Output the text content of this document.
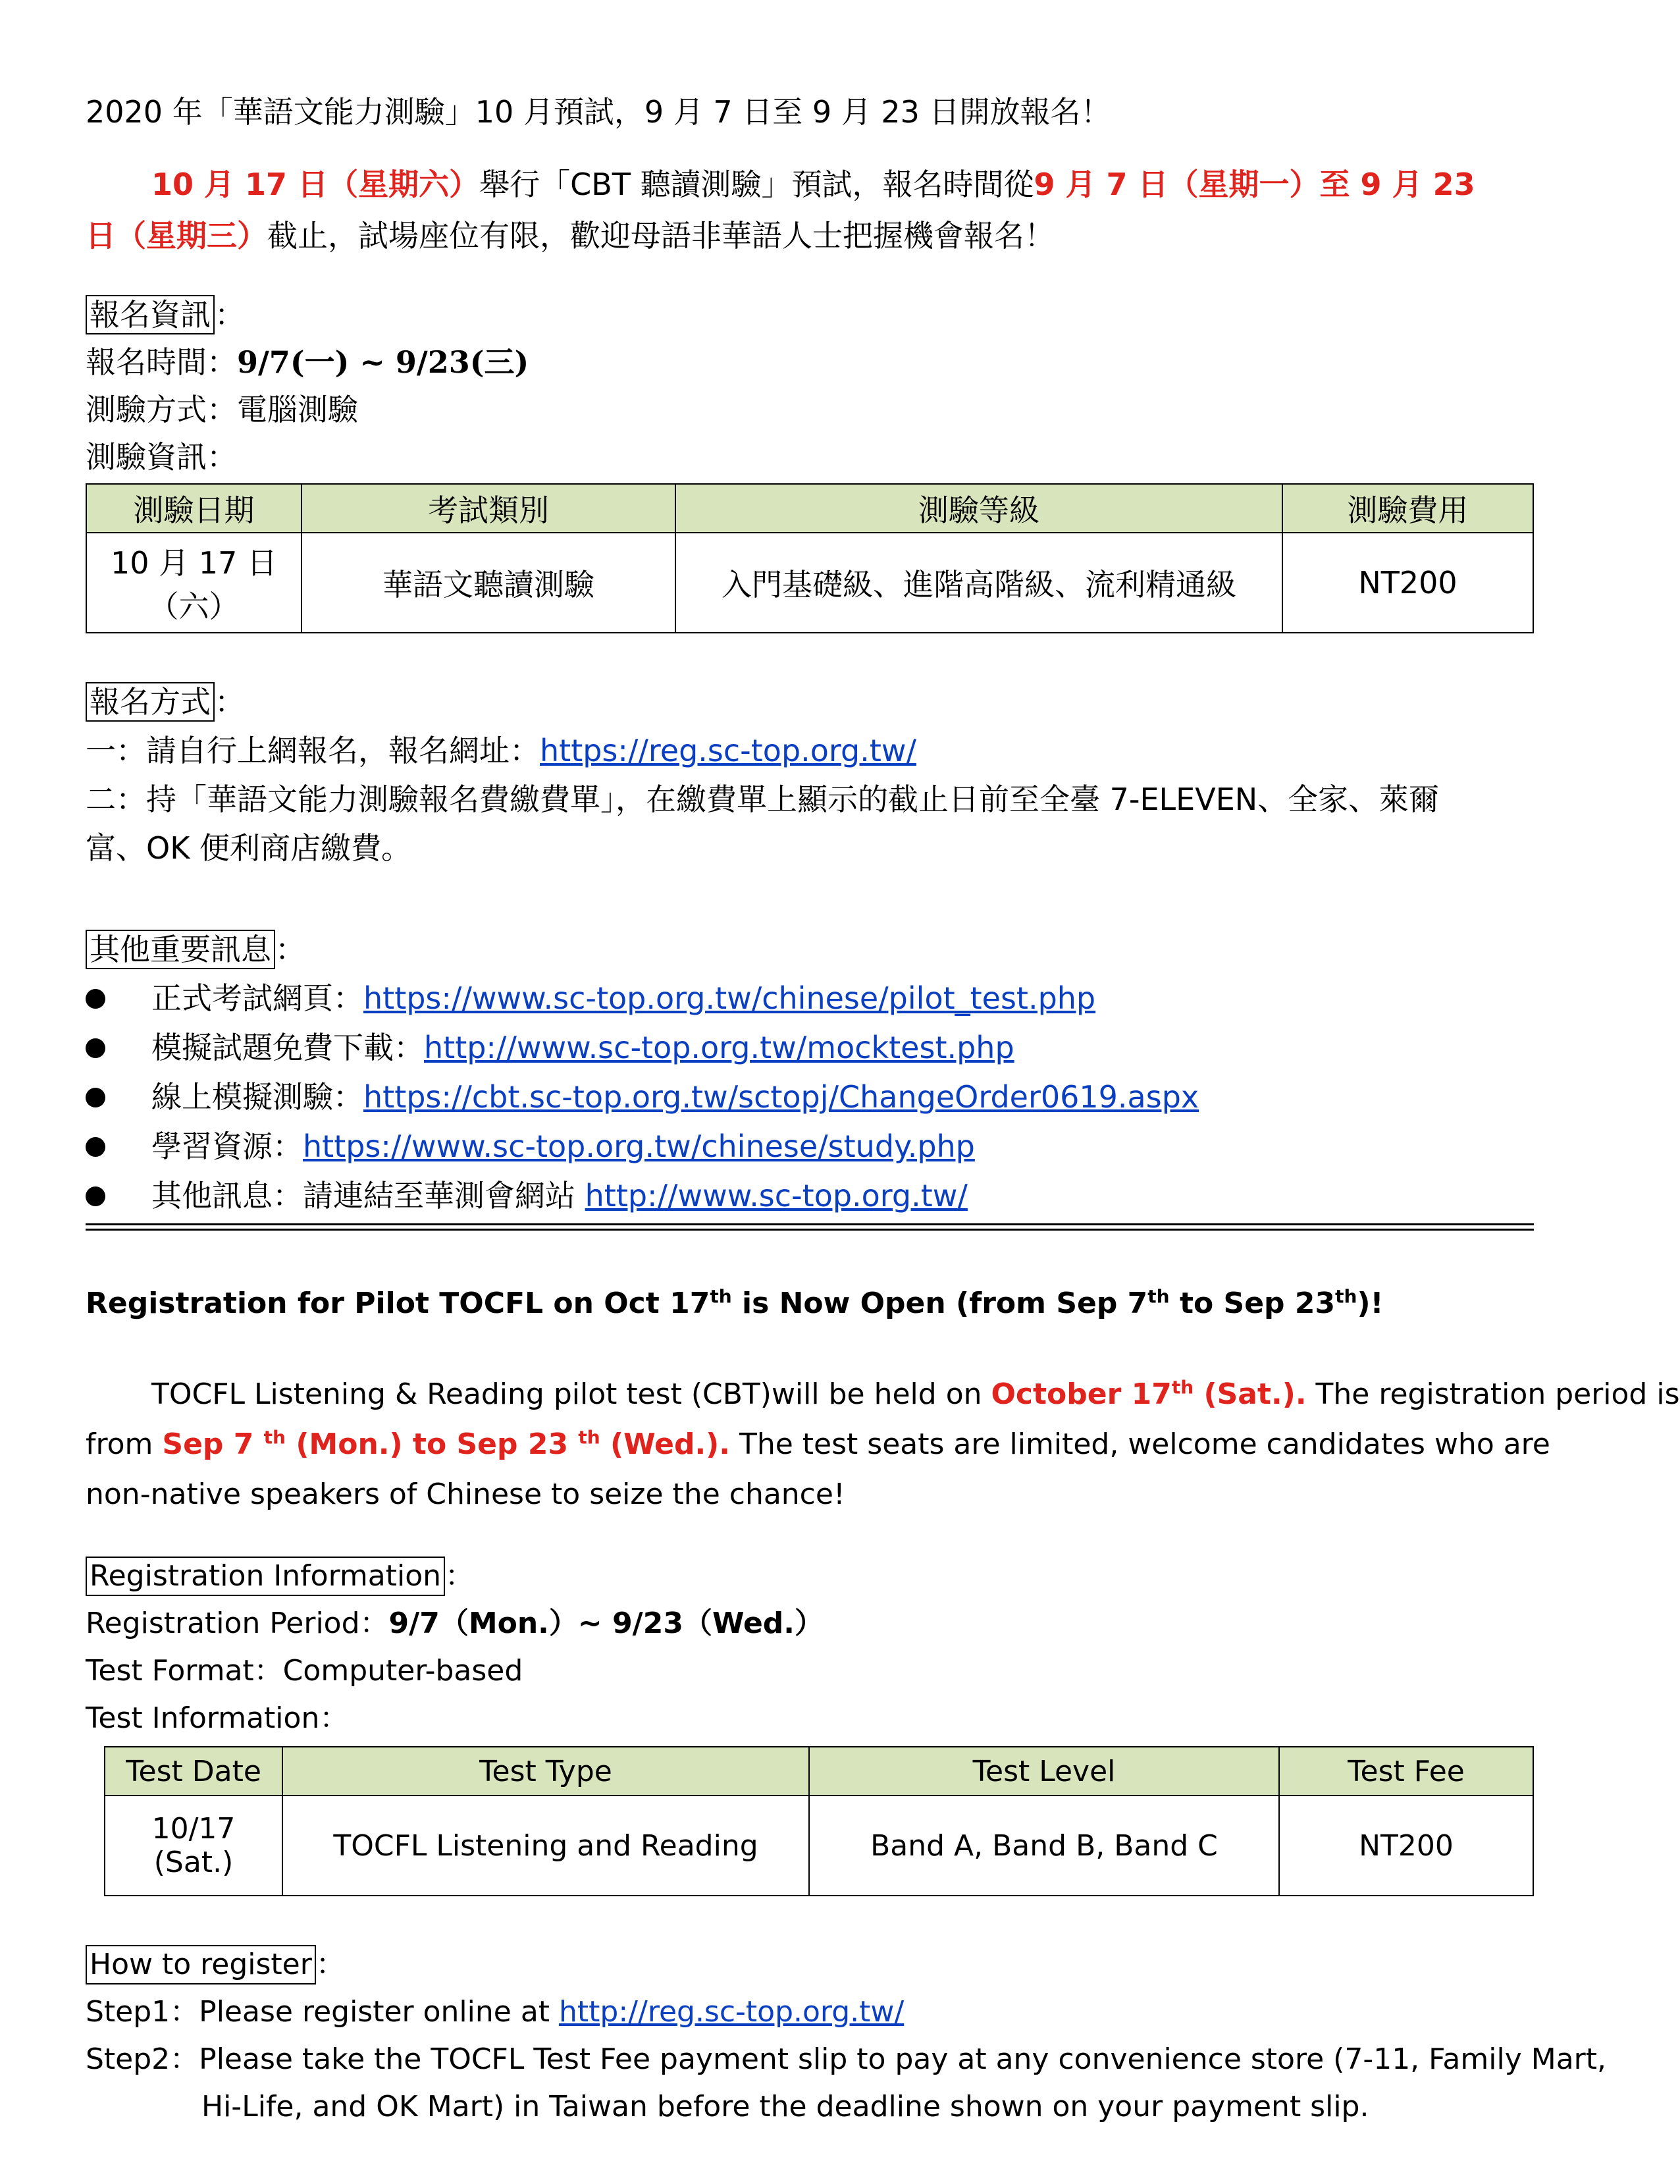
2020 年「華語文能力測驗」10 月預試，9 月 7 日至 9 月 23 日開放報名！
10 月 17 日（星期六）舉行「CBT 聽讀測驗」預試，報名時間從9 月 7 日（星期一）至 9 月 23
日（星期三）截止，試場座位有限，歡迎母語非華語人士把握機會報名！
報名資訊 ：
報名時間：9/7(一) ~ 9/23(三)
測驗方式：電腦測驗
測驗資訊：
測驗日期	考試類別	測驗等級	測驗費用

10 月 17 日
（六）	華語文聽讀測驗	入門基礎級、進階高階級、流利精通級	NT200
報名方式 ：
一：請自行上網報名，報名網址：https://reg.sc-top.org.tw/
二：持「華語文能力測驗報名費繳費單」，在繳費單上顯示的截止日前至全臺 7-ELEVEN、全家、萊爾
富、OK 便利商店繳費。
其他重要訊息 ：
正式考試網頁：https://www.sc-top.org.tw/chinese/pilot_test.php
模擬試題免費下載：http://www.sc-top.org.tw/mocktest.php
線上模擬測驗：https://cbt.sc-top.org.tw/sctopj/ChangeOrder0619.aspx
學習資源：https://www.sc-top.org.tw/chinese/study.php
其他訊息：請連結至華測會網站 http://www.sc-top.org.tw/
Registration for Pilot TOCFL on Oct 17th is Now Open (from Sep 7th to Sep 23th)!
TOCFL Listening & Reading pilot test (CBT)will be held on October 17th (Sat.). The registration period is
from Sep 7 $^{th}$ (Mon.) to Sep 23 $^{th}$ (Wed.). The test seats are limited, welcome candidates who are
non-native speakers of Chinese to seize the chance!
Registration Information ：
Registration Period：9/7（Mon.）~ 9/23（Wed.）
Test Format：Computer-based
Test Information：
Test Date	Test Type	Test Level	Test Fee

10/17
(Sat.)	TOCFL Listening and Reading	Band A, Band B, Band C	NT200
How to register ：
Step1：Please register online at http://reg.sc-top.org.tw/
Step2：Please take the TOCFL Test Fee payment slip to pay at any convenience store (7-11, Family Mart,
Hi-Life, and OK Mart) in Taiwan before the deadline shown on your payment slip.
